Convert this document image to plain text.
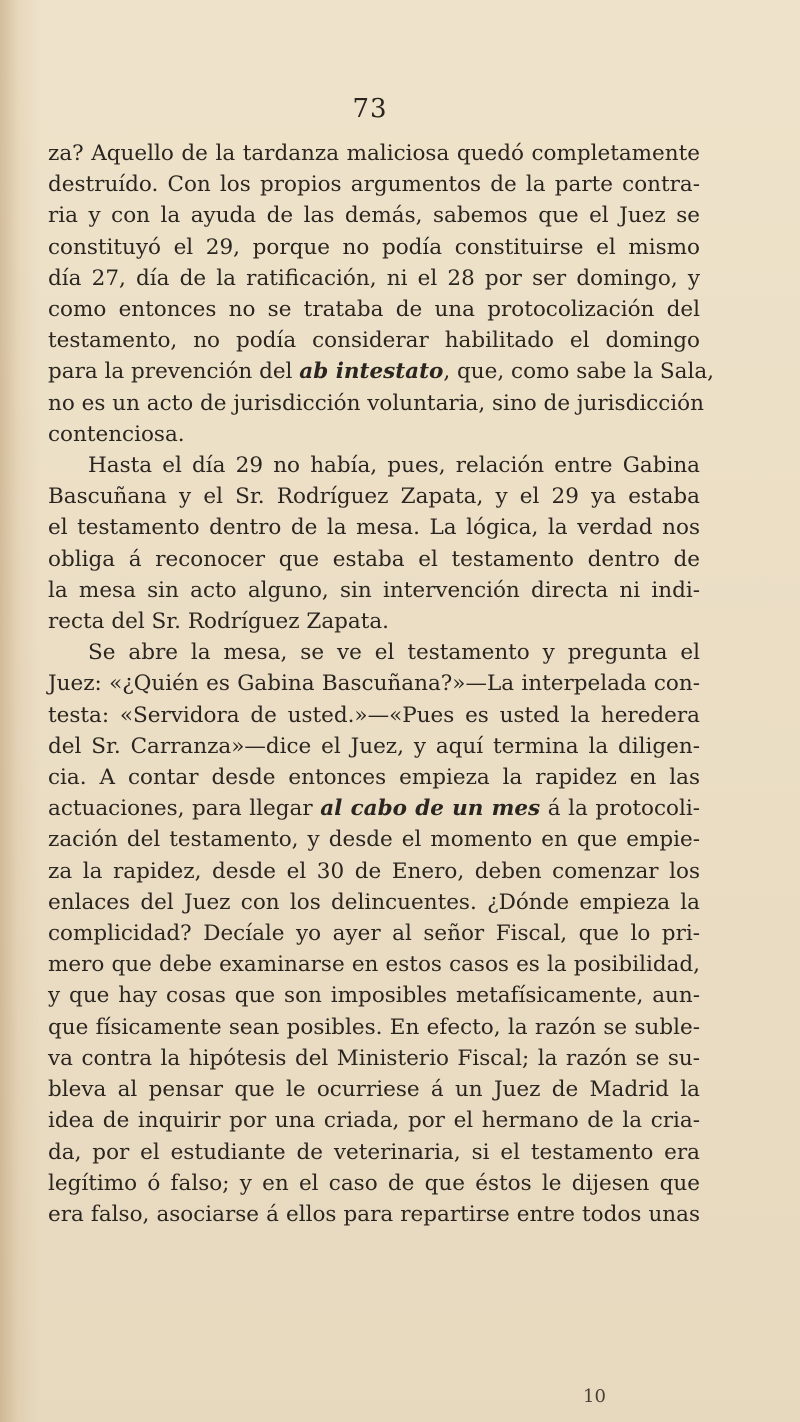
73
za? Aquello de la tardanza maliciosa quedó completamente
destruído. Con los propios argumentos de la parte contra-
ria y con la ayuda de las demás, sabemos que el Juez se
constituyó el 29, porque no podía constituirse el mismo
día 27, día de la ratificación, ni el 28 por ser domingo, y
como entonces no se trataba de una protocolización del
testamento, no podía considerar habilitado el domingo
para la prevención del ab intestato, que, como sabe la Sala,
no es un acto de jurisdicción voluntaria, sino de jurisdicción
contenciosa.
Hasta el día 29 no había, pues, relación entre Gabina
Bascuñana y el Sr. Rodríguez Zapata, y el 29 ya estaba
el testamento dentro de la mesa. La lógica, la verdad nos
obliga á reconocer que estaba el testamento dentro de
la mesa sin acto alguno, sin intervención directa ni indi-
recta del Sr. Rodríguez Zapata.
Se abre la mesa, se ve el testamento y pregunta el
Juez: «¿Quién es Gabina Bascuñana?»—La interpelada con-
testa: «Servidora de usted.»—«Pues es usted la heredera
del Sr. Carranza»—dice el Juez, y aquí termina la diligen-
cia. A contar desde entonces empieza la rapidez en las
actuaciones, para llegar al cabo de un mes á la protocoli-
zación del testamento, y desde el momento en que empie-
za la rapidez, desde el 30 de Enero, deben comenzar los
enlaces del Juez con los delincuentes. ¿Dónde empieza la
complicidad? Decíale yo ayer al señor Fiscal, que lo pri-
mero que debe examinarse en estos casos es la posibilidad,
y que hay cosas que son imposibles metafísicamente, aun-
que físicamente sean posibles. En efecto, la razón se suble-
va contra la hipótesis del Ministerio Fiscal; la razón se su-
bleva al pensar que le ocurriese á un Juez de Madrid la
idea de inquirir por una criada, por el hermano de la cria-
da, por el estudiante de veterinaria, si el testamento era
legítimo ó falso; y en el caso de que éstos le dijesen que
era falso, asociarse á ellos para repartirse entre todos unas
10
